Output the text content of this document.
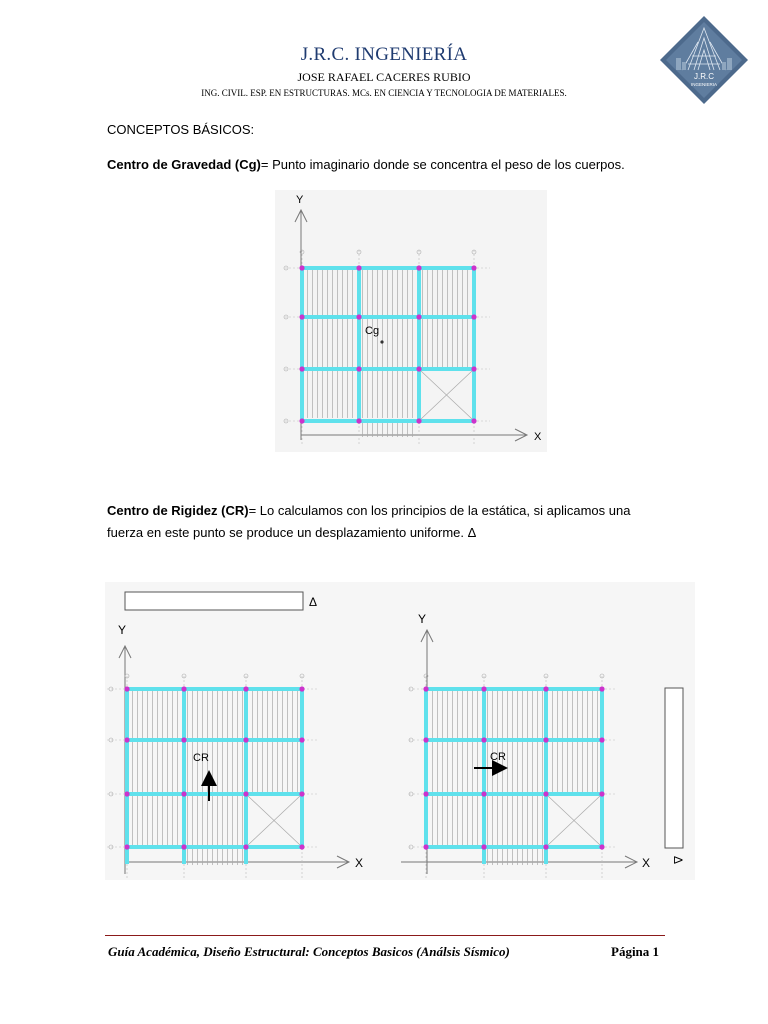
J.R.C. INGENIERÍA
JOSE RAFAEL CACERES RUBIO
ING. CIVIL. ESP. EN ESTRUCTURAS. MCs. EN CIENCIA Y TECNOLOGIA DE MATERIALES.
J.R.C
INGENIERIA
CONCEPTOS BÁSICOS:
Centro de Gravedad (Cg)= Punto imaginario donde se concentra el peso de los cuerpos.
Y
X
Cg
Centro de Rigidez (CR)= Lo calculamos con los principios de la estática, si aplicamos una fuerza en este punto se produce un desplazamiento uniforme. Δ
Δ
Y
X
CR
Y
X
CR
Δ
Guía Académica, Diseño Estructural: Conceptos Basicos (Análsis Sísmico)	Página 1
